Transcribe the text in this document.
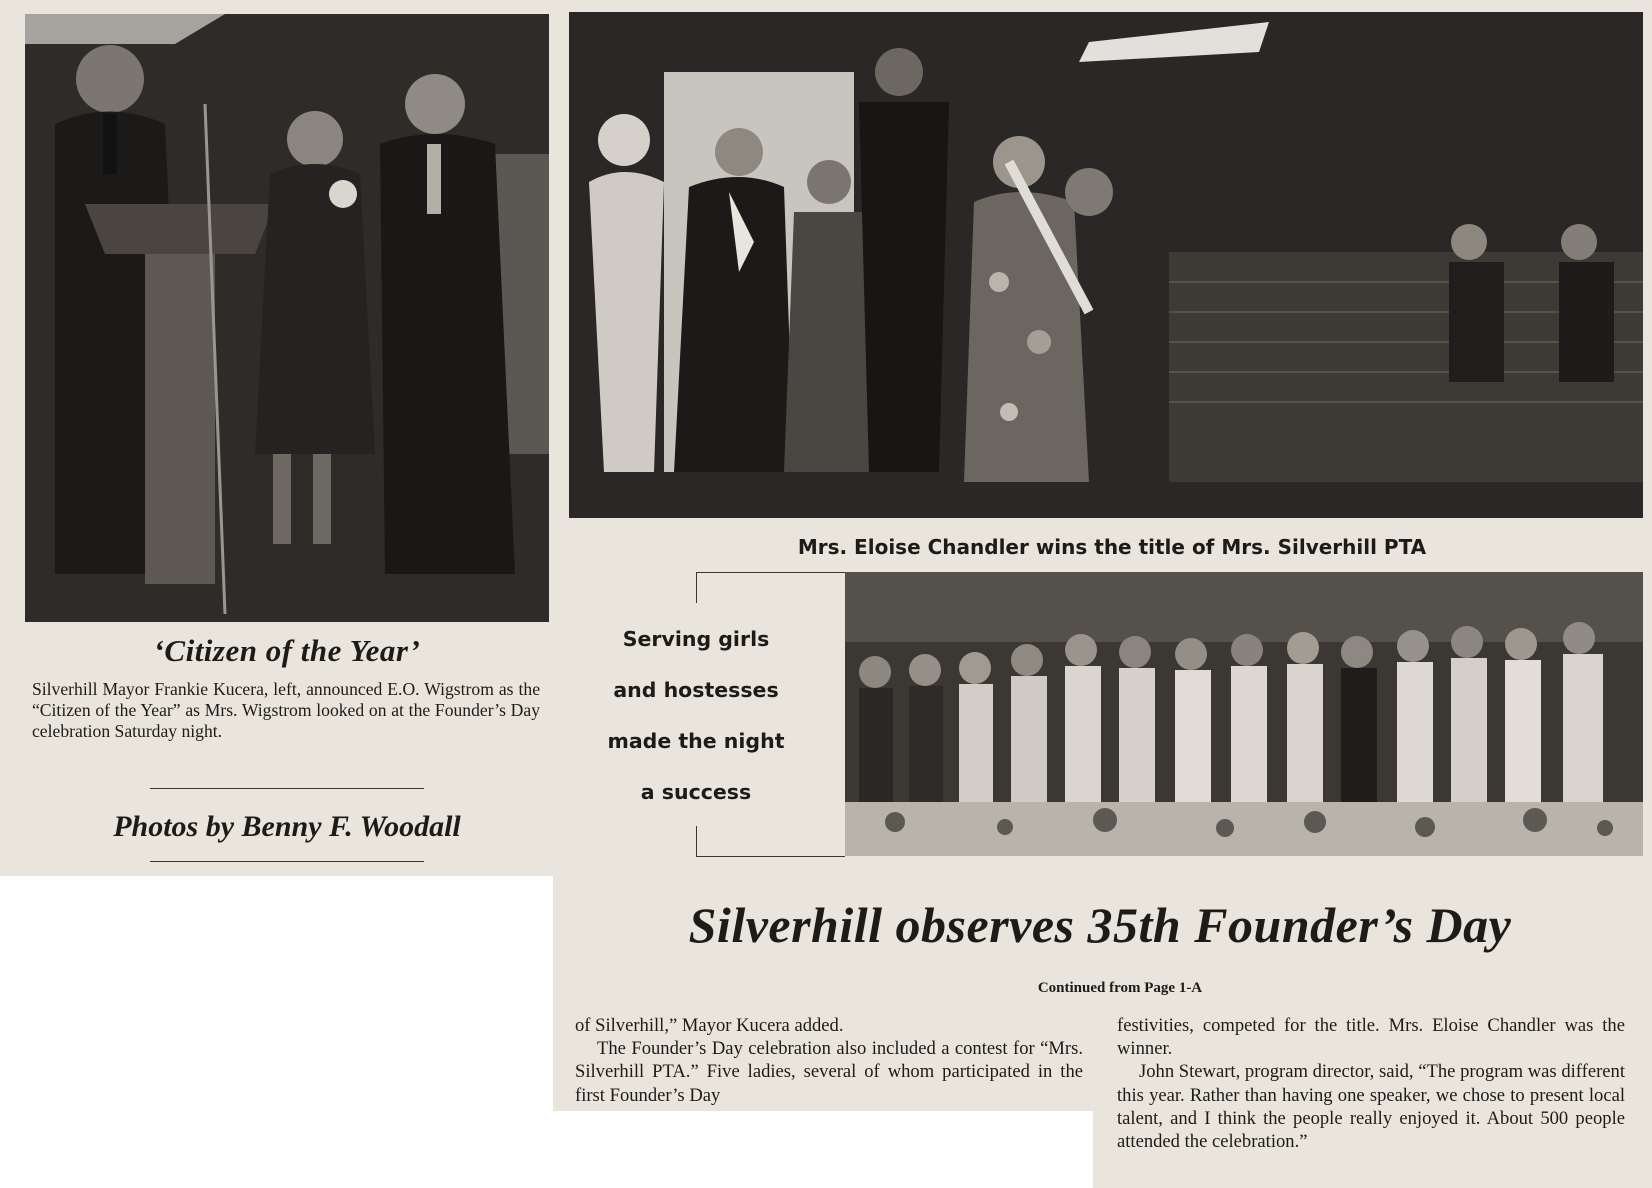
‘Citizen of the Year’
Silverhill Mayor Frankie Kucera, left, announced E.O. Wigstrom as the “Citizen of the Year” as Mrs. Wigstrom looked on at the Founder’s Day celebration Saturday night.
Photos by Benny F. Woodall
Mrs. Eloise Chandler wins the title of Mrs. Silverhill PTA
Serving girls
and hostesses
made the night
a success
Silverhill observes 35th Founder’s Day
Continued from Page 1-A

of Silverhill,” Mayor Kucera added.

The Founder’s Day celebration also included a contest for “Mrs. Silverhill PTA.” Five ladies, several of whom participated in the first Founder’s Day

festivities, competed for the title. Mrs. Eloise Chandler was the winner.

John Stewart, program director, said, “The program was different this year. Rather than having one speaker, we chose to present local talent, and I think the people really enjoyed it. About 500 people attended the celebration.”
